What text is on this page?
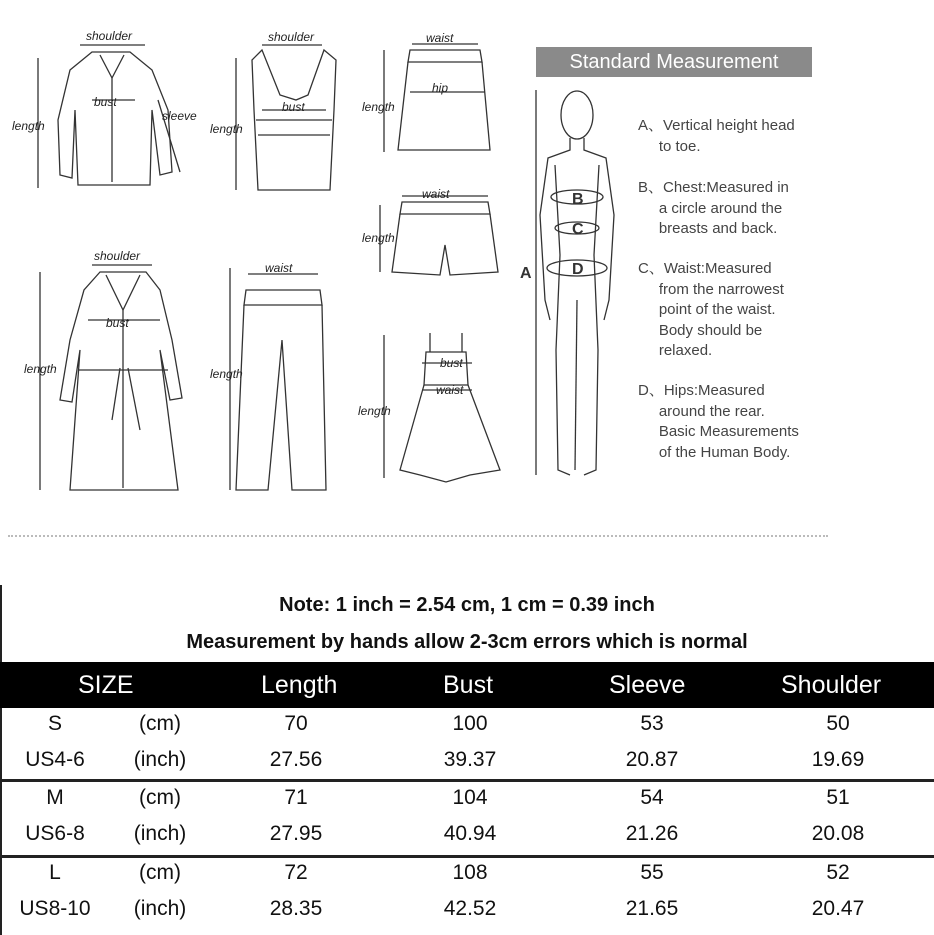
shoulder
bust
sleeve
length
shoulder
bust
length
waist
hip
length
waist
length
shoulder
bust
length
waist
length
bust
waist
length
A
B
C
D
Standard Measurement
A、Vertical height head
to toe.
B、Chest:Measured in
a circle around the
breasts and back.
C、Waist:Measured
from the narrowest
point of the waist.
Body should be
relaxed.
D、Hips:Measured
around the rear.
Basic Measurements
of the Human Body.
Note: 1 inch = 2.54 cm, 1 cm = 0.39 inch
Measurement by hands allow 2-3cm errors which is normal
SIZE	Length	Bust	Sleeve	Shoulder
S	(cm)	70	100	53	50
US4-6	(inch)	27.56	39.37	20.87	19.69
M	(cm)	71	104	54	51
US6-8	(inch)	27.95	40.94	21.26	20.08
L	(cm)	72	108	55	52
US8-10	(inch)	28.35	42.52	21.65	20.47
